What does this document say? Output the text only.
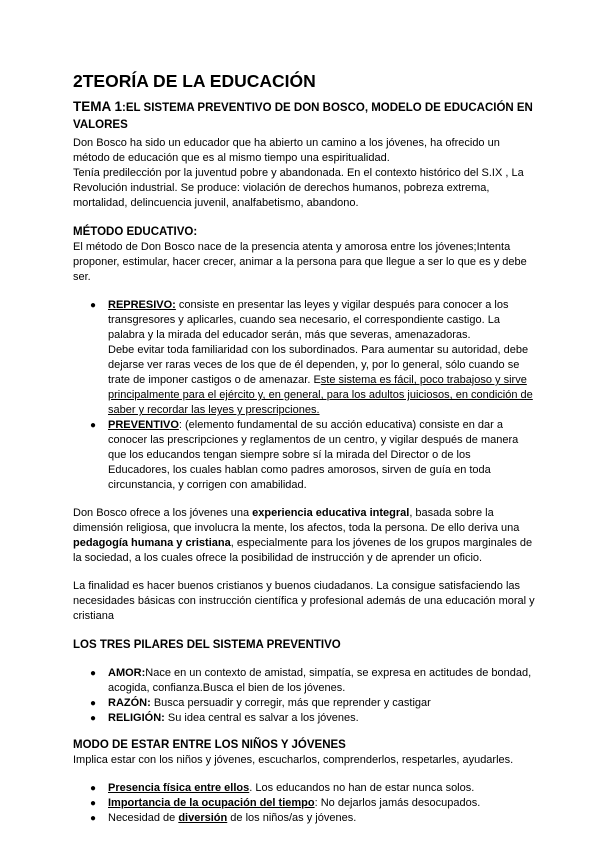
2TEORÍA DE LA EDUCACIÓN

TEMA 1:EL SISTEMA PREVENTIVO DE DON BOSCO, MODELO DE EDUCACIÓN EN VALORES

Don Bosco ha sido un educador que ha abierto un camino a los jóvenes, ha ofrecido un método de educación que es al mismo tiempo una espiritualidad.

Tenía predilección por la juventud pobre y abandonada. En el contexto histórico del S.IX , La Revolución industrial. Se produce: violación de derechos humanos, pobreza extrema, mortalidad, delincuencia juvenil, analfabetismo, abandono.

MÉTODO EDUCATIVO:

El método de Don Bosco nace de la presencia atenta y amorosa entre los jóvenes;Intenta proponer, estimular, hacer crecer, animar a la persona para que llegue a ser lo que es y debe ser.

● REPRESIVO: consiste en presentar las leyes y vigilar después para conocer a los transgresores y aplicarles, cuando sea necesario, el correspondiente castigo. La palabra y la mirada del educador serán, más que severas, amenazadoras.
Debe evitar toda familiaridad con los subordinados. Para aumentar su autoridad, debe dejarse ver raras veces de los que de él dependen, y, por lo general, sólo cuando se trate de imponer castigos o de amenazar. Este sistema es fácil, poco trabajoso y sirve principalmente para el ejército y, en general, para los adultos juiciosos, en condición de saber y recordar las leyes y prescripciones.
● PREVENTIVO: (elemento fundamental de su acción educativa) consiste en dar a conocer las prescripciones y reglamentos de un centro, y vigilar después de manera que los educandos tengan siempre sobre sí la mirada del Director o de los Educadores, los cuales hablan como padres amorosos, sirven de guía en toda circunstancia, y corrigen con amabilidad.

Don Bosco ofrece a los jóvenes una experiencia educativa integral, basada sobre la dimensión religiosa, que involucra la mente, los afectos, toda la persona. De ello deriva una pedagogía humana y cristiana, especialmente para los jóvenes de los grupos marginales de la sociedad, a los cuales ofrece la posibilidad de instrucción y de aprender un oficio.

La finalidad es hacer buenos cristianos y buenos ciudadanos. La consigue satisfaciendo las necesidades básicas con instrucción científica y profesional además de una educación moral y cristiana

LOS TRES PILARES DEL SISTEMA PREVENTIVO

● AMOR:Nace en un contexto de amistad, simpatía, se expresa en actitudes de bondad, acogida, confianza.Busca el bien de los jóvenes.
● RAZÓN: Busca persuadir y corregir, más que reprender y castigar
● RELIGIÓN: Su idea central es salvar a los jóvenes.

MODO DE ESTAR ENTRE LOS NIÑOS Y JÓVENES

Implica estar con los niños y jóvenes, escucharlos, comprenderlos, respetarles, ayudarles.

● Presencia física entre ellos. Los educandos no han de estar nunca solos.
● Importancia de la ocupación del tiempo: No dejarlos jamás desocupados.
● Necesidad de diversión de los niños/as y jóvenes.
